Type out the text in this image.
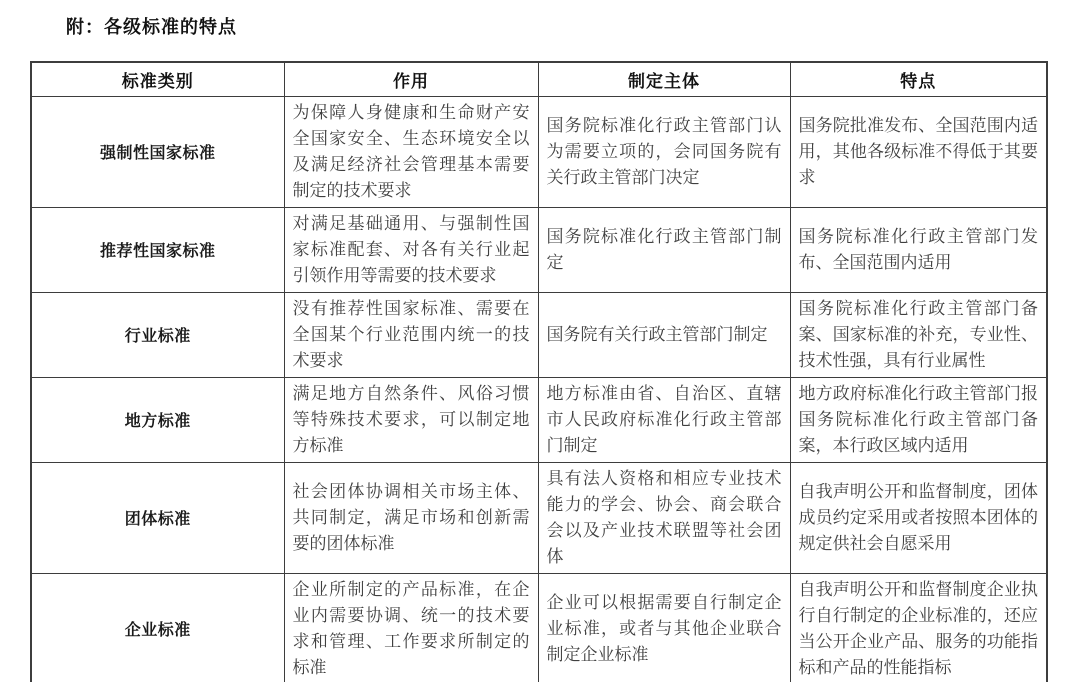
附：各级标准的特点
标准类别	作用	制定主体	特点
强制性国家标准	为保障人身健康和生命财产安全国家安全、生态环境安全以及满足经济社会管理基本需要制定的技术要求	国务院标准化行政主管部门认为需要立项的，会同国务院有关行政主管部门决定	国务院批准发布、全国范围内适用，其他各级标准不得低于其要求
推荐性国家标准	对满足基础通用、与强制性国家标准配套、对各有关行业起引领作用等需要的技术要求	国务院标准化行政主管部门制定	国务院标准化行政主管部门发布、全国范围内适用
行业标准	没有推荐性国家标准、需要在全国某个行业范围内统一的技术要求	国务院有关行政主管部门制定	国务院标准化行政主管部门备案、国家标准的补充，专业性、技术性强，具有行业属性
地方标准	满足地方自然条件、风俗习惯等特殊技术要求，可以制定地方标准	地方标准由省、自治区、直辖市人民政府标准化行政主管部门制定	地方政府标准化行政主管部门报国务院标准化行政主管部门备案，本行政区域内适用
团体标准	社会团体协调相关市场主体、共同制定，满足市场和创新需要的团体标准	具有法人资格和相应专业技术能力的学会、协会、商会联合会以及产业技术联盟等社会团体	自我声明公开和监督制度，团体成员约定采用或者按照本团体的规定供社会自愿采用
企业标准	企业所制定的产品标准，在企业内需要协调、统一的技术要求和管理、工作要求所制定的标准	企业可以根据需要自行制定企业标准，或者与其他企业联合制定企业标准	自我声明公开和监督制度企业执行自行制定的企业标准的，还应当公开企业产品、服务的功能指标和产品的性能指标
